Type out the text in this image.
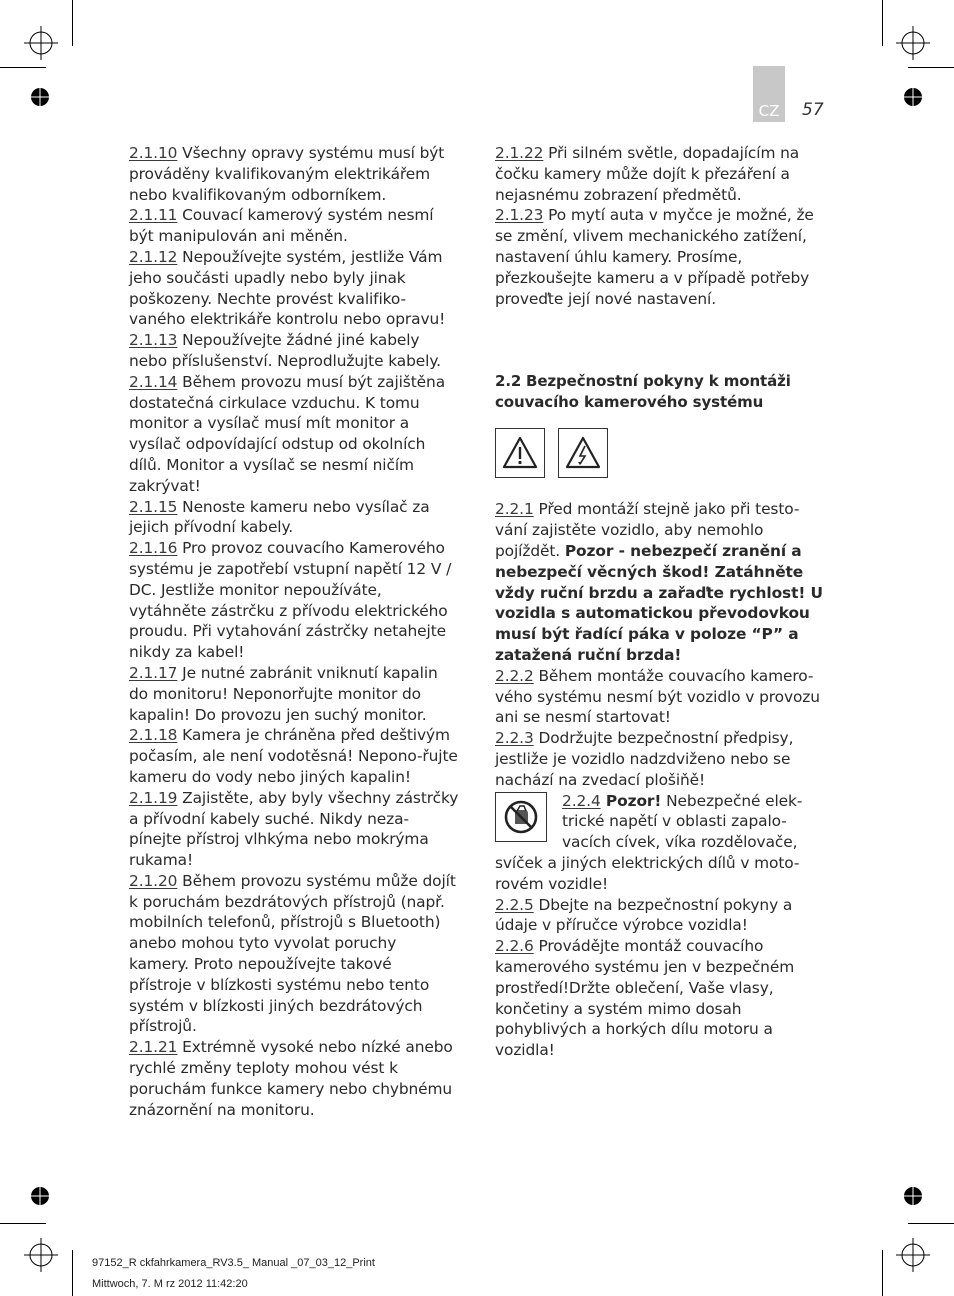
CZ	57

2.1.10 Všechny opravy systému musí být prováděny kvalifikovaným elektrikářem nebo kvalifikovaným odborníkem.

2.1.11 Couvací kamerový systém nesmí být manipulován ani měněn.

2.1.12 Nepoužívejte systém, jestliže Vám jeho součásti upadly nebo byly jinak poškozeny. Nechte provést kvalifiko-vaného elektrikáře kontrolu nebo opravu!

2.1.13 Nepoužívejte žádné jiné kabely nebo příslušenství. Neprodlužujte kabely.

2.1.14 Během provozu musí být zajištěna dostatečná cirkulace vzduchu. K tomu monitor a vysílač musí mít monitor a vysílač odpovídající odstup od okolních dílů. Monitor a vysílač se nesmí ničím zakrývat!

2.1.15 Nenoste kameru nebo vysílač za jejich přívodní kabely.

2.1.16 Pro provoz couvacího Kamerového systému je zapotřebí vstupní napětí 12 V / DC. Jestliže monitor nepoužíváte, vytáhněte zástrčku z přívodu elektrického proudu. Při vytahování zástrčky netahejte nikdy za kabel!

2.1.17 Je nutné zabránit vniknutí kapalin do monitoru! Neponorřujte monitor do kapalin! Do provozu jen suchý monitor.

2.1.18 Kamera je chráněna před deštivým počasím, ale není vodotěsná! Nepono-řujte kameru do vody nebo jiných kapalin!

2.1.19 Zajistěte, aby byly všechny zástrčky a přívodní kabely suché. Nikdy neza-pínejte přístroj vlhkýma nebo mokrýma rukama!

2.1.20 Během provozu systému může dojít k poruchám bezdrátových přístrojů (např. mobilních telefonů, přístrojů s Bluetooth) anebo mohou tyto vyvolat poruchy kamery. Proto nepoužívejte takové přístroje v blízkosti systému nebo tento systém v blízkosti jiných bezdrátových přístrojů.

2.1.21 Extrémně vysoké nebo nízké anebo rychlé změny teploty mohou vést k poruchám funkce kamery nebo chybnému znázornění na monitoru.

2.1.22 Při silném světle, dopadajícím na čočku kamery může dojít k přezáření a nejasnému zobrazení předmětů.

2.1.23 Po mytí auta v myčce je možné, že se změní, vlivem mechanického zatížení, nastavení úhlu kamery. Prosíme, přezkoušejte kameru a v případě potřeby proveďte její nové nastavení.

2.2 Bezpečnostní pokyny k montáži

couvacího kamerového systému

2.2.1 Před montáží stejně jako při testo-vání zajistěte vozidlo, aby nemohlo pojíždět. Pozor - nebezpečí zranění a nebezpečí věcných škod! Zatáhněte vždy ruční brzdu a zařaďte rychlost! U vozidla s automatickou převodovkou musí být řadící páka v poloze “P” a zatažená ruční brzda!

2.2.2 Během montáže couvacího kamero-vého systému nesmí být vozidlo v provozu ani se nesmí startovat!

2.2.3 Dodržujte bezpečnostní předpisy, jestliže je vozidlo nadzdviženo nebo se nachází na zvedací plošiňě!

2.2.4 Pozor! Nebezpečné elek-trické napětí v oblasti zapalo-vacích cívek, víka rozdělovače, svíček a jiných elektrických dílů v moto-rovém vozidle!

2.2.5 Dbejte na bezpečnostní pokyny a údaje v příručce výrobce vozidla!

2.2.6 Provádějte montáž couvacího kamerového systému jen v bezpečném prostředí!Držte oblečení, Vaše vlasy, končetiny a systém mimo dosah pohyblivých a horkých dílu motoru a vozidla!

97152_R ckfahrkamera_RV3.5_ Manual _07_03_12_Print
Mittwoch, 7. M rz 2012 11:42:20
